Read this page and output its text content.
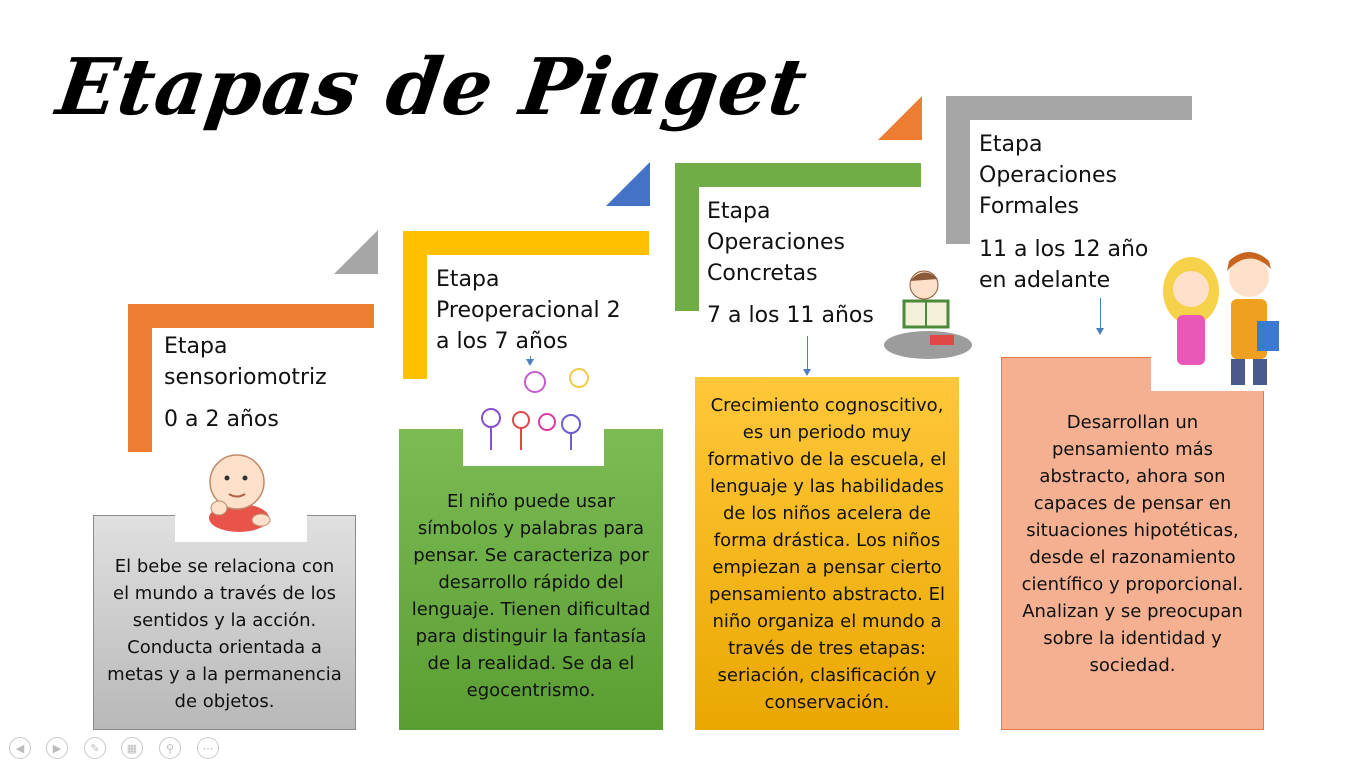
Etapas de Piaget
Etapa
sensoriomotriz
0 a 2 años
El bebe se relaciona con el mundo a través de los sentidos y la acción. Conducta orientada a metas y a la permanencia de objetos.
Etapa
Preoperacional 2
a los 7 años
El niño puede usar símbolos y palabras para pensar. Se caracteriza por desarrollo rápido del lenguaje. Tienen dificultad para distinguir la fantasía de la realidad. Se da el egocentrismo.
Etapa
Operaciones
Concretas
7 a los 11 años
Crecimiento cognoscitivo, es un periodo muy formativo de la escuela, el lenguaje y las habilidades de los niños acelera de forma drástica. Los niños empiezan a pensar cierto pensamiento abstracto. El niño organiza el mundo a través de tres etapas: seriación, clasificación y conservación.
Etapa
Operaciones
Formales
11 a los 12 año
en adelante
Desarrollan un pensamiento más abstracto, ahora son capaces de pensar en situaciones hipotéticas, desde el razonamiento científico y proporcional. Analizan y se preocupan sobre la identidad y sociedad.
◀	▶	✎	▦	⚲	⋯
